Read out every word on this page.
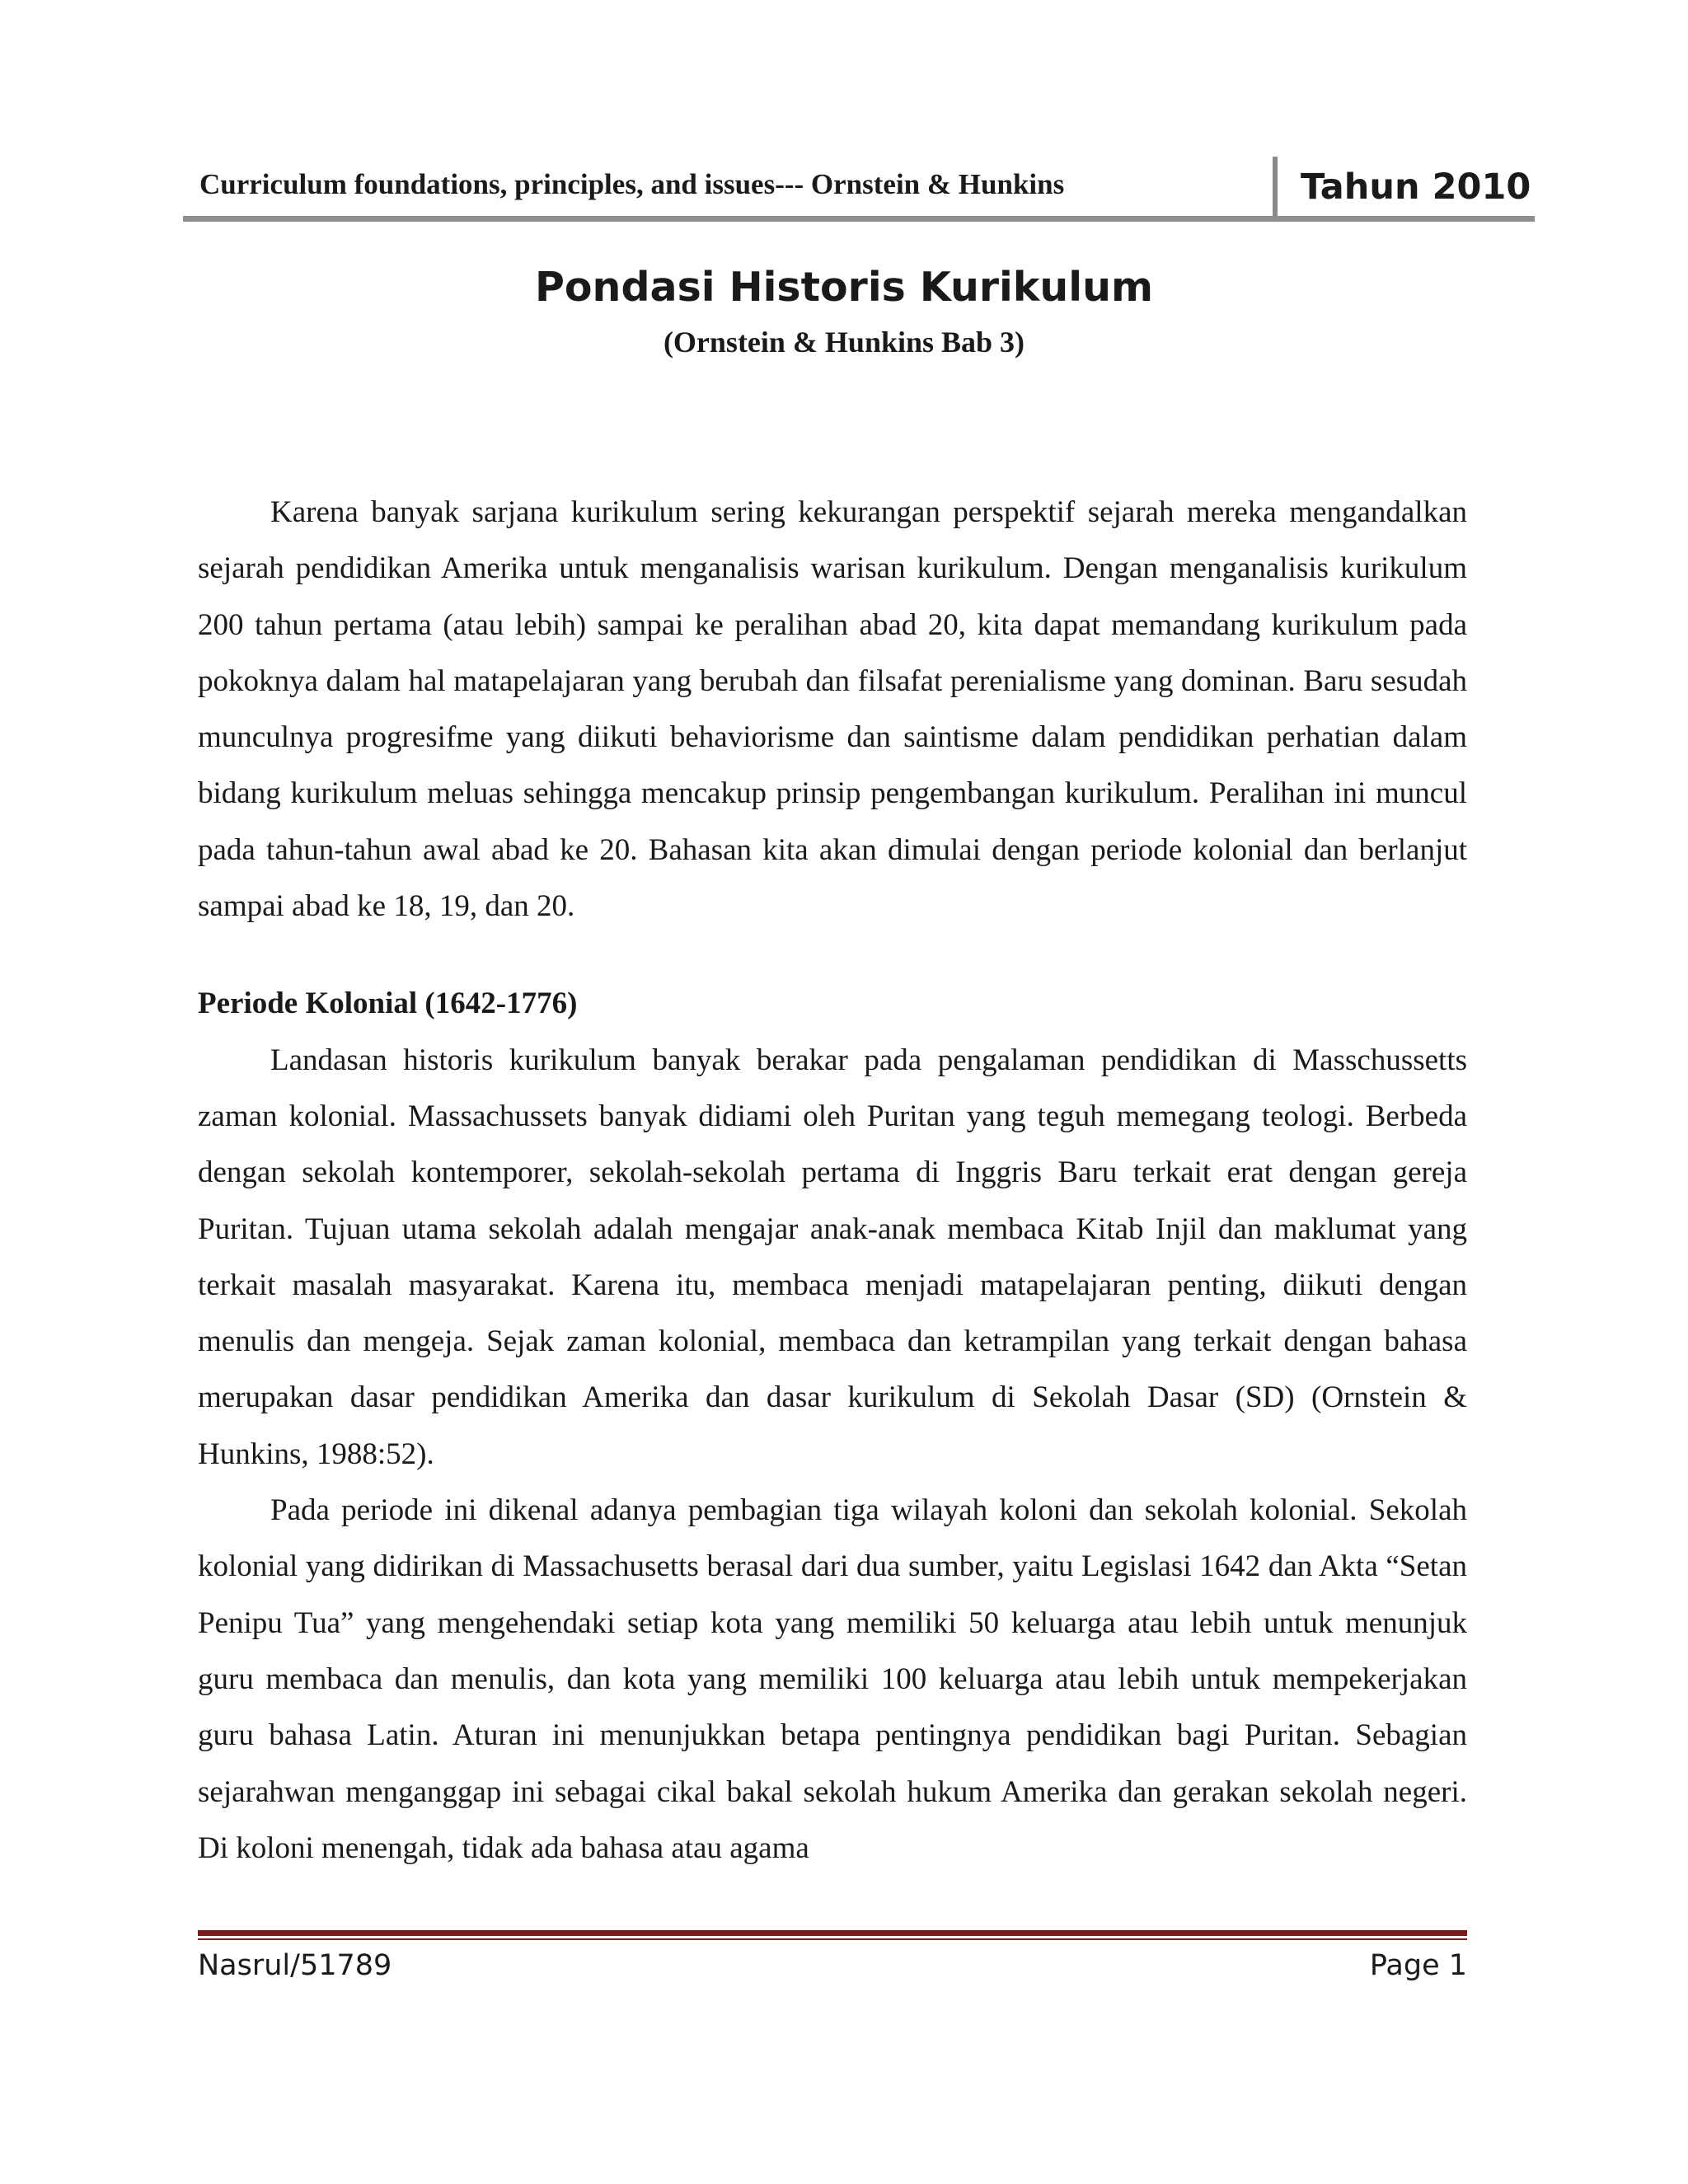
Curriculum foundations, principles, and issues--- Ornstein & Hunkins	Tahun 2010
Pondasi Historis Kurikulum
(Ornstein & Hunkins Bab 3)

Karena banyak sarjana kurikulum sering kekurangan perspektif sejarah mereka mengandalkan sejarah pendidikan Amerika untuk menganalisis warisan kurikulum. Dengan menganalisis kurikulum 200 tahun pertama (atau lebih) sampai ke peralihan abad 20, kita dapat memandang kurikulum pada pokoknya dalam hal matapelajaran yang berubah dan filsafat perenialisme yang dominan. Baru sesudah munculnya progresifme yang diikuti behaviorisme dan saintisme dalam pendidikan perhatian dalam bidang kurikulum meluas sehingga mencakup prinsip pengembangan kurikulum. Peralihan ini muncul pada tahun-tahun awal abad ke 20. Bahasan kita akan dimulai dengan periode kolonial dan berlanjut sampai abad ke 18, 19, dan 20.

Periode Kolonial (1642-1776)

Landasan historis kurikulum banyak berakar pada pengalaman pendidikan di Masschussetts zaman kolonial. Massachussets banyak didiami oleh Puritan yang teguh memegang teologi. Berbeda dengan sekolah kontemporer, sekolah-sekolah pertama di Inggris Baru terkait erat dengan gereja Puritan. Tujuan utama sekolah adalah mengajar anak-anak membaca Kitab Injil dan maklumat yang terkait masalah masyarakat. Karena itu, membaca menjadi matapelajaran penting, diikuti dengan menulis dan mengeja. Sejak zaman kolonial, membaca dan ketrampilan yang terkait dengan bahasa merupakan dasar pendidikan Amerika dan dasar kurikulum di Sekolah Dasar (SD) (Ornstein & Hunkins, 1988:52).

Pada periode ini dikenal adanya pembagian tiga wilayah koloni dan sekolah kolonial. Sekolah kolonial yang didirikan di Massachusetts berasal dari dua sumber, yaitu Legislasi 1642 dan Akta “Setan Penipu Tua” yang mengehendaki setiap kota yang memiliki 50 keluarga atau lebih untuk menunjuk guru membaca dan menulis, dan kota yang memiliki 100 keluarga atau lebih untuk mempekerjakan guru bahasa Latin. Aturan ini menunjukkan betapa pentingnya pendidikan bagi Puritan. Sebagian sejarahwan menganggap ini sebagai cikal bakal sekolah hukum Amerika dan gerakan sekolah negeri. Di koloni menengah, tidak ada bahasa atau agama

Nasrul/51789	Page 1
